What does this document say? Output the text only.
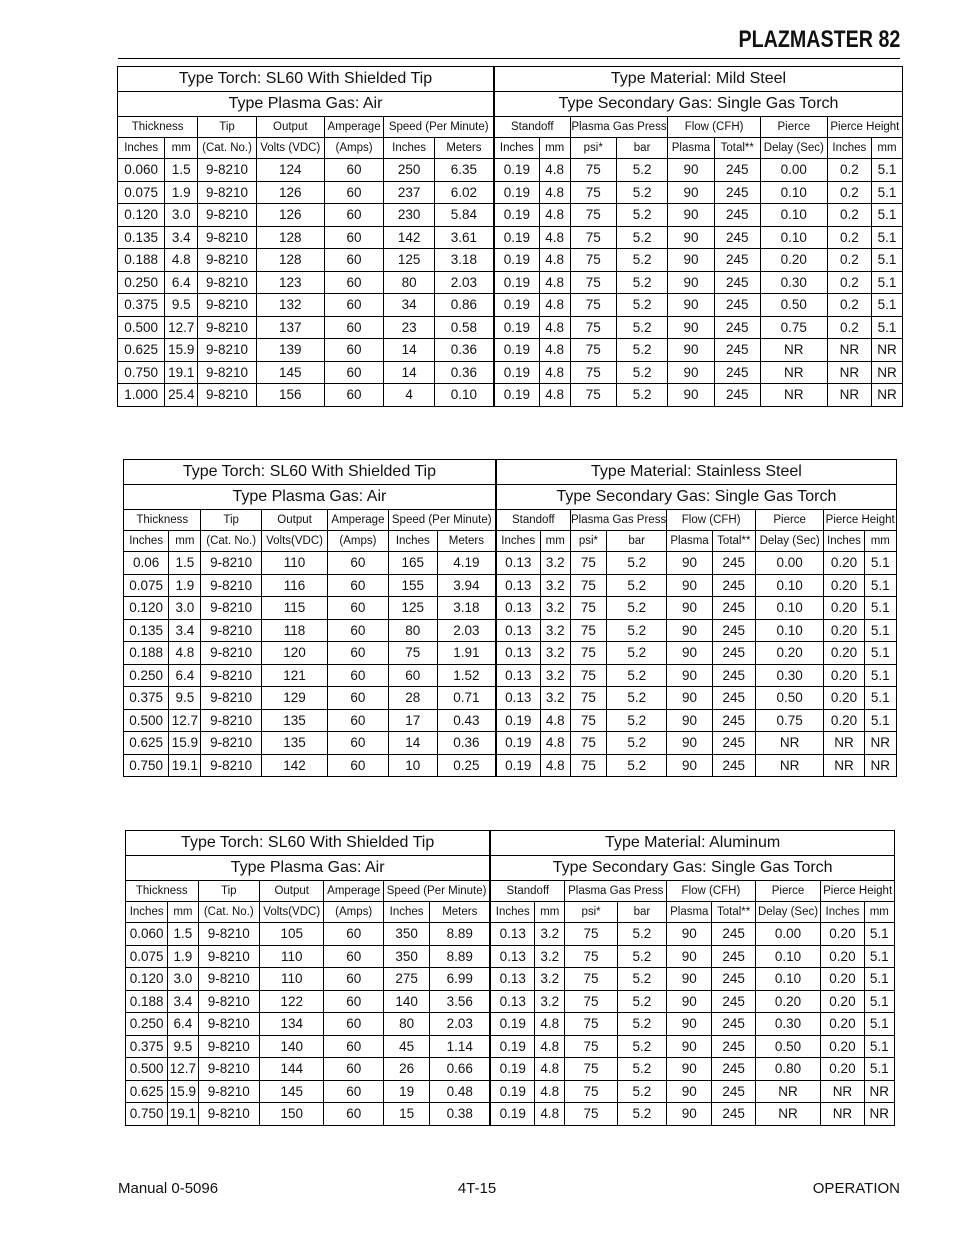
PLAZMASTER 82
Type Torch: SL60 With Shielded Tip							Type Material: Mild Steel								
Type Plasma Gas: Air							Type Secondary Gas: Single Gas Torch								
Thickness		Tip	Output	Amperage	Speed (Per Minute)		Standoff		Plasma Gas Press		Flow (CFH)		Pierce	Pierce Height	
Inches	mm	(Cat. No.)	Volts (VDC)	(Amps)	Inches	Meters	Inches	mm	psi*	bar	Plasma	Total**	Delay (Sec)	Inches	mm
0.060	1.5	9-8210	124	60	250	6.35	0.19	4.8	75	5.2	90	245	0.00	0.2	5.1
0.075	1.9	9-8210	126	60	237	6.02	0.19	4.8	75	5.2	90	245	0.10	0.2	5.1
0.120	3.0	9-8210	126	60	230	5.84	0.19	4.8	75	5.2	90	245	0.10	0.2	5.1
0.135	3.4	9-8210	128	60	142	3.61	0.19	4.8	75	5.2	90	245	0.10	0.2	5.1
0.188	4.8	9-8210	128	60	125	3.18	0.19	4.8	75	5.2	90	245	0.20	0.2	5.1
0.250	6.4	9-8210	123	60	80	2.03	0.19	4.8	75	5.2	90	245	0.30	0.2	5.1
0.375	9.5	9-8210	132	60	34	0.86	0.19	4.8	75	5.2	90	245	0.50	0.2	5.1
0.500	12.7	9-8210	137	60	23	0.58	0.19	4.8	75	5.2	90	245	0.75	0.2	5.1
0.625	15.9	9-8210	139	60	14	0.36	0.19	4.8	75	5.2	90	245	NR	NR	NR
0.750	19.1	9-8210	145	60	14	0.36	0.19	4.8	75	5.2	90	245	NR	NR	NR
1.000	25.4	9-8210	156	60	4	0.10	0.19	4.8	75	5.2	90	245	NR	NR	NR
Type Torch: SL60 With Shielded Tip							Type Material: Stainless Steel								
Type Plasma Gas: Air							Type Secondary Gas: Single Gas Torch								
Thickness		Tip	Output	Amperage	Speed (Per Minute)		Standoff		Plasma Gas Press		Flow (CFH)		Pierce	Pierce Height	
Inches	mm	(Cat. No.)	Volts(VDC)	(Amps)	Inches	Meters	Inches	mm	psi*	bar	Plasma	Total**	Delay (Sec)	Inches	mm
0.06	1.5	9-8210	110	60	165	4.19	0.13	3.2	75	5.2	90	245	0.00	0.20	5.1
0.075	1.9	9-8210	116	60	155	3.94	0.13	3.2	75	5.2	90	245	0.10	0.20	5.1
0.120	3.0	9-8210	115	60	125	3.18	0.13	3.2	75	5.2	90	245	0.10	0.20	5.1
0.135	3.4	9-8210	118	60	80	2.03	0.13	3.2	75	5.2	90	245	0.10	0.20	5.1
0.188	4.8	9-8210	120	60	75	1.91	0.13	3.2	75	5.2	90	245	0.20	0.20	5.1
0.250	6.4	9-8210	121	60	60	1.52	0.13	3.2	75	5.2	90	245	0.30	0.20	5.1
0.375	9.5	9-8210	129	60	28	0.71	0.13	3.2	75	5.2	90	245	0.50	0.20	5.1
0.500	12.7	9-8210	135	60	17	0.43	0.19	4.8	75	5.2	90	245	0.75	0.20	5.1
0.625	15.9	9-8210	135	60	14	0.36	0.19	4.8	75	5.2	90	245	NR	NR	NR
0.750	19.1	9-8210	142	60	10	0.25	0.19	4.8	75	5.2	90	245	NR	NR	NR
Type Torch: SL60 With Shielded Tip							Type Material: Aluminum								
Type Plasma Gas: Air							Type Secondary Gas: Single Gas Torch								
Thickness		Tip	Output	Amperage	Speed (Per Minute)		Standoff		Plasma Gas Press		Flow (CFH)		Pierce	Pierce Height	
Inches	mm	(Cat. No.)	Volts(VDC)	(Amps)	Inches	Meters	Inches	mm	psi*	bar	Plasma	Total**	Delay (Sec)	Inches	mm
0.060	1.5	9-8210	105	60	350	8.89	0.13	3.2	75	5.2	90	245	0.00	0.20	5.1
0.075	1.9	9-8210	110	60	350	8.89	0.13	3.2	75	5.2	90	245	0.10	0.20	5.1
0.120	3.0	9-8210	110	60	275	6.99	0.13	3.2	75	5.2	90	245	0.10	0.20	5.1
0.188	3.4	9-8210	122	60	140	3.56	0.13	3.2	75	5.2	90	245	0.20	0.20	5.1
0.250	6.4	9-8210	134	60	80	2.03	0.19	4.8	75	5.2	90	245	0.30	0.20	5.1
0.375	9.5	9-8210	140	60	45	1.14	0.19	4.8	75	5.2	90	245	0.50	0.20	5.1
0.500	12.7	9-8210	144	60	26	0.66	0.19	4.8	75	5.2	90	245	0.80	0.20	5.1
0.625	15.9	9-8210	145	60	19	0.48	0.19	4.8	75	5.2	90	245	NR	NR	NR
0.750	19.1	9-8210	150	60	15	0.38	0.19	4.8	75	5.2	90	245	NR	NR	NR
Manual 0-5096	4T-15	OPERATION
